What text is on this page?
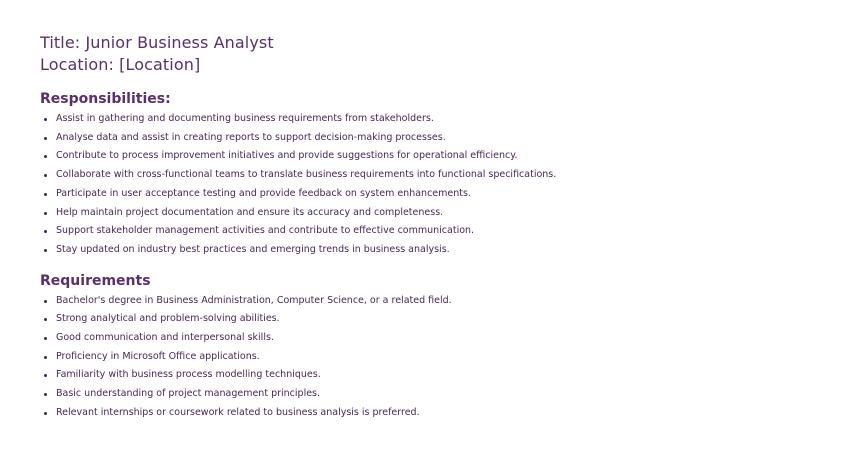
Title: Junior Business Analyst

Location: [Location]

Responsibilities:
Assist in gathering and documenting business requirements from stakeholders.
Analyse data and assist in creating reports to support decision-making processes.
Contribute to process improvement initiatives and provide suggestions for operational efficiency.
Collaborate with cross-functional teams to translate business requirements into functional specifications.
Participate in user acceptance testing and provide feedback on system enhancements.
Help maintain project documentation and ensure its accuracy and completeness.
Support stakeholder management activities and contribute to effective communication.
Stay updated on industry best practices and emerging trends in business analysis.
Requirements
Bachelor's degree in Business Administration, Computer Science, or a related field.
Strong analytical and problem-solving abilities.
Good communication and interpersonal skills.
Proficiency in Microsoft Office applications.
Familiarity with business process modelling techniques.
Basic understanding of project management principles.
Relevant internships or coursework related to business analysis is preferred.
